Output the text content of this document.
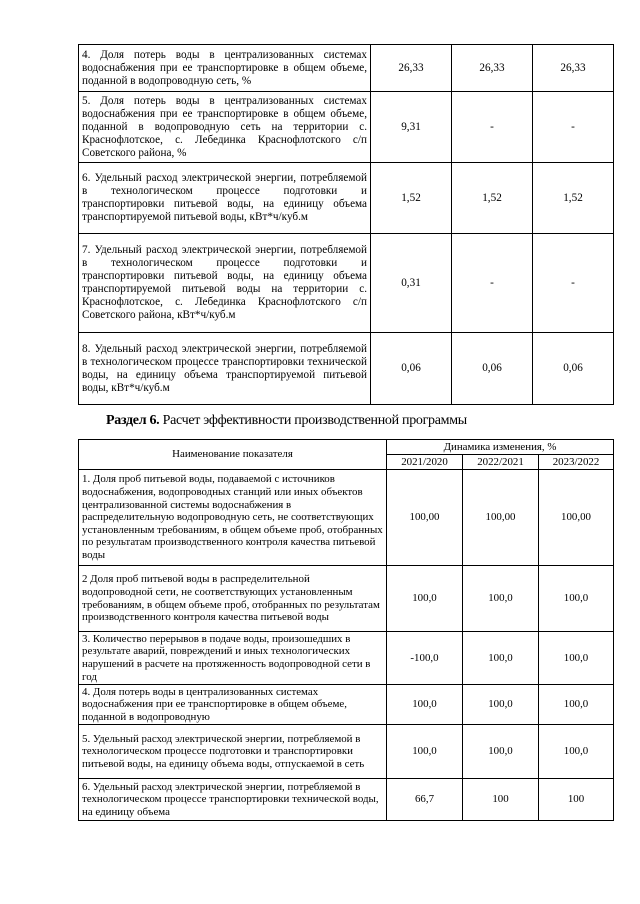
4. Доля потерь воды в централизованных системах водоснабжения при ее транспортировке в общем объеме, поданной в водопроводную сеть, %	26,33	26,33	26,33
5. Доля потерь воды в централизованных системах водоснабжения при ее транспортировке в общем объеме, поданной в водопроводную сеть на территории с. Краснофлотское, с. Лебединка Краснофлотского с/п Советского района, %	9,31	-	-
6. Удельный расход электрической энергии, потребляемой в технологическом процессе подготовки и транспортировки питьевой воды, на единицу объема транспортируемой питьевой воды, кВт*ч/куб.м	1,52	1,52	1,52
7. Удельный расход электрической энергии, потребляемой в технологическом процессе подготовки и транспортировки питьевой воды, на единицу объема транспортируемой питьевой воды на территории с. Краснофлотское, с. Лебединка Краснофлотского с/п Советского района, кВт*ч/куб.м	0,31	-	-
8. Удельный расход электрической энергии, потребляемой в технологическом процессе транспортировки технической воды, на единицу объема транспортируемой питьевой воды, кВт*ч/куб.м	0,06	0,06	0,06
Раздел 6. Расчет эффективности производственной программы
Наименование показателя	Динамика изменения, %		
	2021/2020	2022/2021	2023/2022
1. Доля проб питьевой воды, подаваемой с источников водоснабжения, водопроводных станций или иных объектов централизованной системы водоснабжения в распределительную водопроводную сеть, не соответствующих установленным требованиям, в общем объеме проб, отобранных по результатам производственного контроля качества питьевой воды	100,00	100,00	100,00
2 Доля проб питьевой воды в распределительной водопроводной сети, не соответствующих установленным требованиям, в общем объеме проб, отобранных по результатам производственного контроля качества питьевой воды	100,0	100,0	100,0
3. Количество перерывов в подаче воды, произошедших в результате аварий, повреждений и иных технологических нарушений в расчете на протяженность водопроводной сети в год	-100,0	100,0	100,0
4. Доля потерь воды в централизованных системах водоснабжения при ее транспортировке в общем объеме, поданной в водопроводную	100,0	100,0	100,0
5. Удельный расход электрической энергии, потребляемой в технологическом процессе подготовки и транспортировки питьевой воды, на единицу объема воды, отпускаемой в сеть	100,0	100,0	100,0
6. Удельный расход электрической энергии, потребляемой в технологическом процессе транспортировки технической воды, на единицу объема	66,7	100	100
